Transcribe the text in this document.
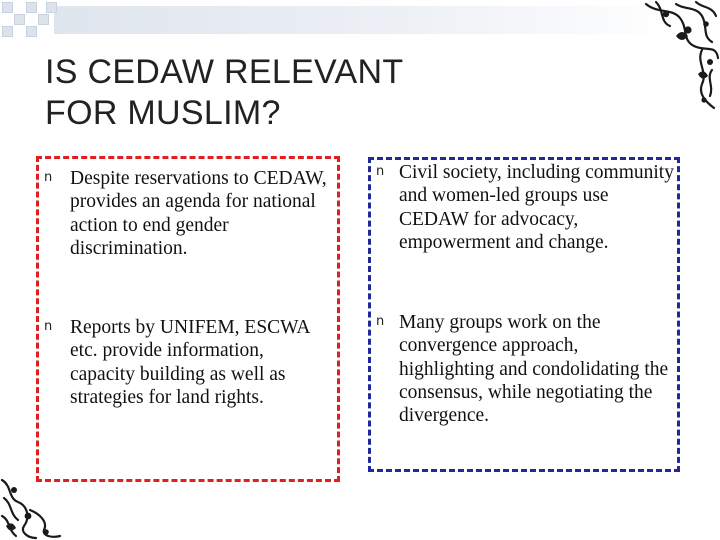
IS CEDAW RELEVANT
FOR MUSLIM?
n Despite reservations to CEDAW, provides an agenda for national action to end gender discrimination.

n Reports by UNIFEM, ESCWA etc. provide information, capacity building as well as strategies for land rights.

n Civil society, including community and women-led groups use CEDAW for advocacy, empowerment and change.

n Many groups work on the convergence approach, highlighting and condolidating the consensus, while negotiating the divergence.
